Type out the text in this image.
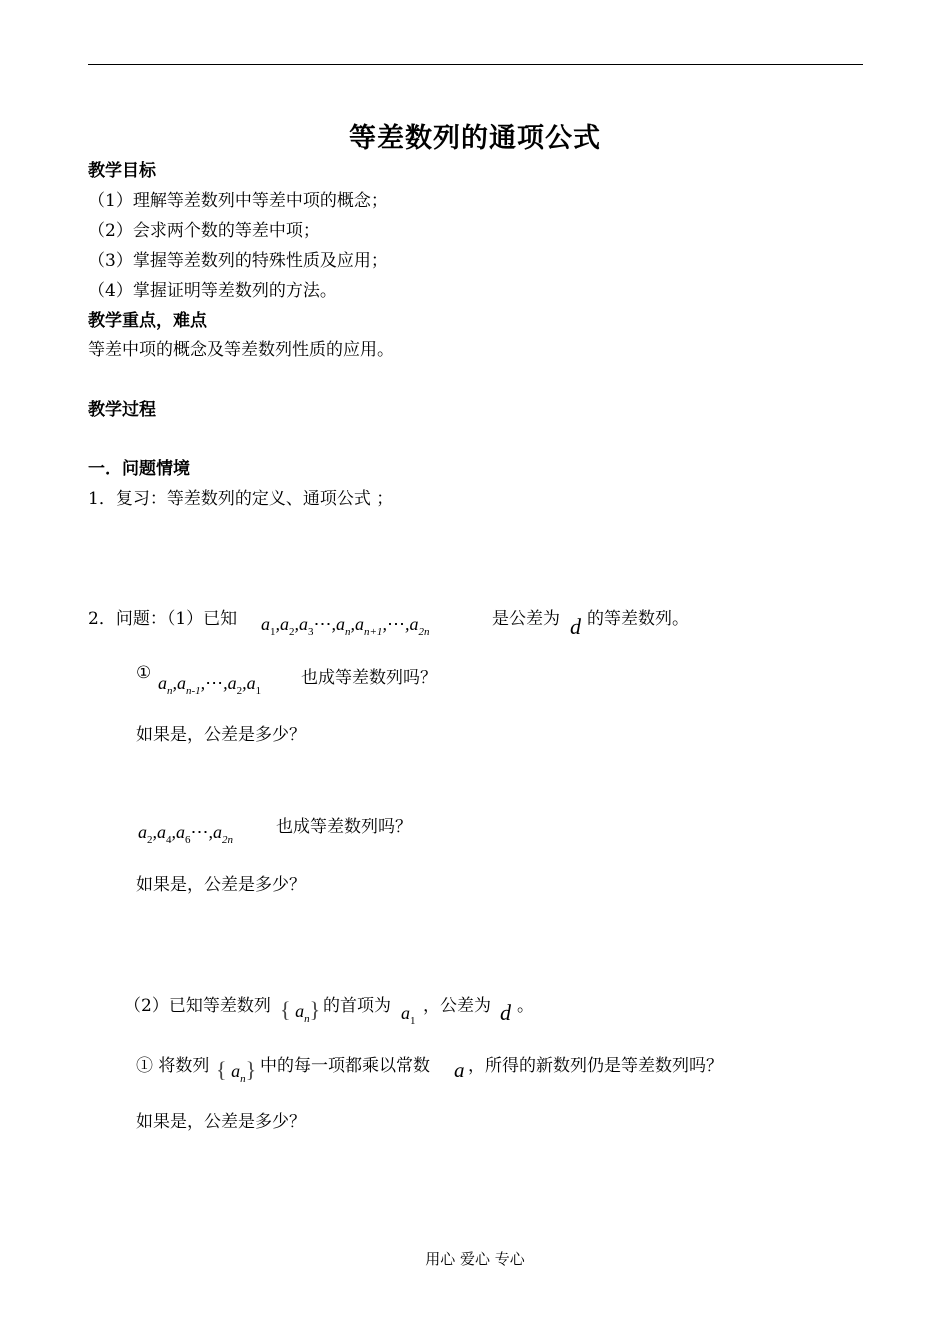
等差数列的通项公式
教学目标
（1）理解等差数列中等差中项的概念；
（2）会求两个数的等差中项；
（3）掌握等差数列的特殊性质及应用；
（4）掌握证明等差数列的方法。
教学重点，难点
等差中项的概念及等差数列性质的应用。
教学过程
一．问题情境
1．复习：等差数列的定义、通项公式 ；
2．问题：（1）已知 $a_1,a_2,a_3\cdots,a_n,a_{n+1},\cdots,a_{2n}$
是公差为 d 的等差数列。
① $a_n,a_{n-1},\cdots,a_2,a_1$
也成等差数列吗？
如果是，公差是多少？
$a_2,a_4,a_6\cdots,a_{2n}$
也成等差数列吗？
如果是，公差是多少？
（2）已知等差数列 { $a_n$} 的首项为 $a_1$
，公差为 d 。
① 将数列 { $a_n$} 中的每一项都乘以常数 a ，所得的新数列仍是等差数列吗？
如果是，公差是多少？
用心 爱心 专心
